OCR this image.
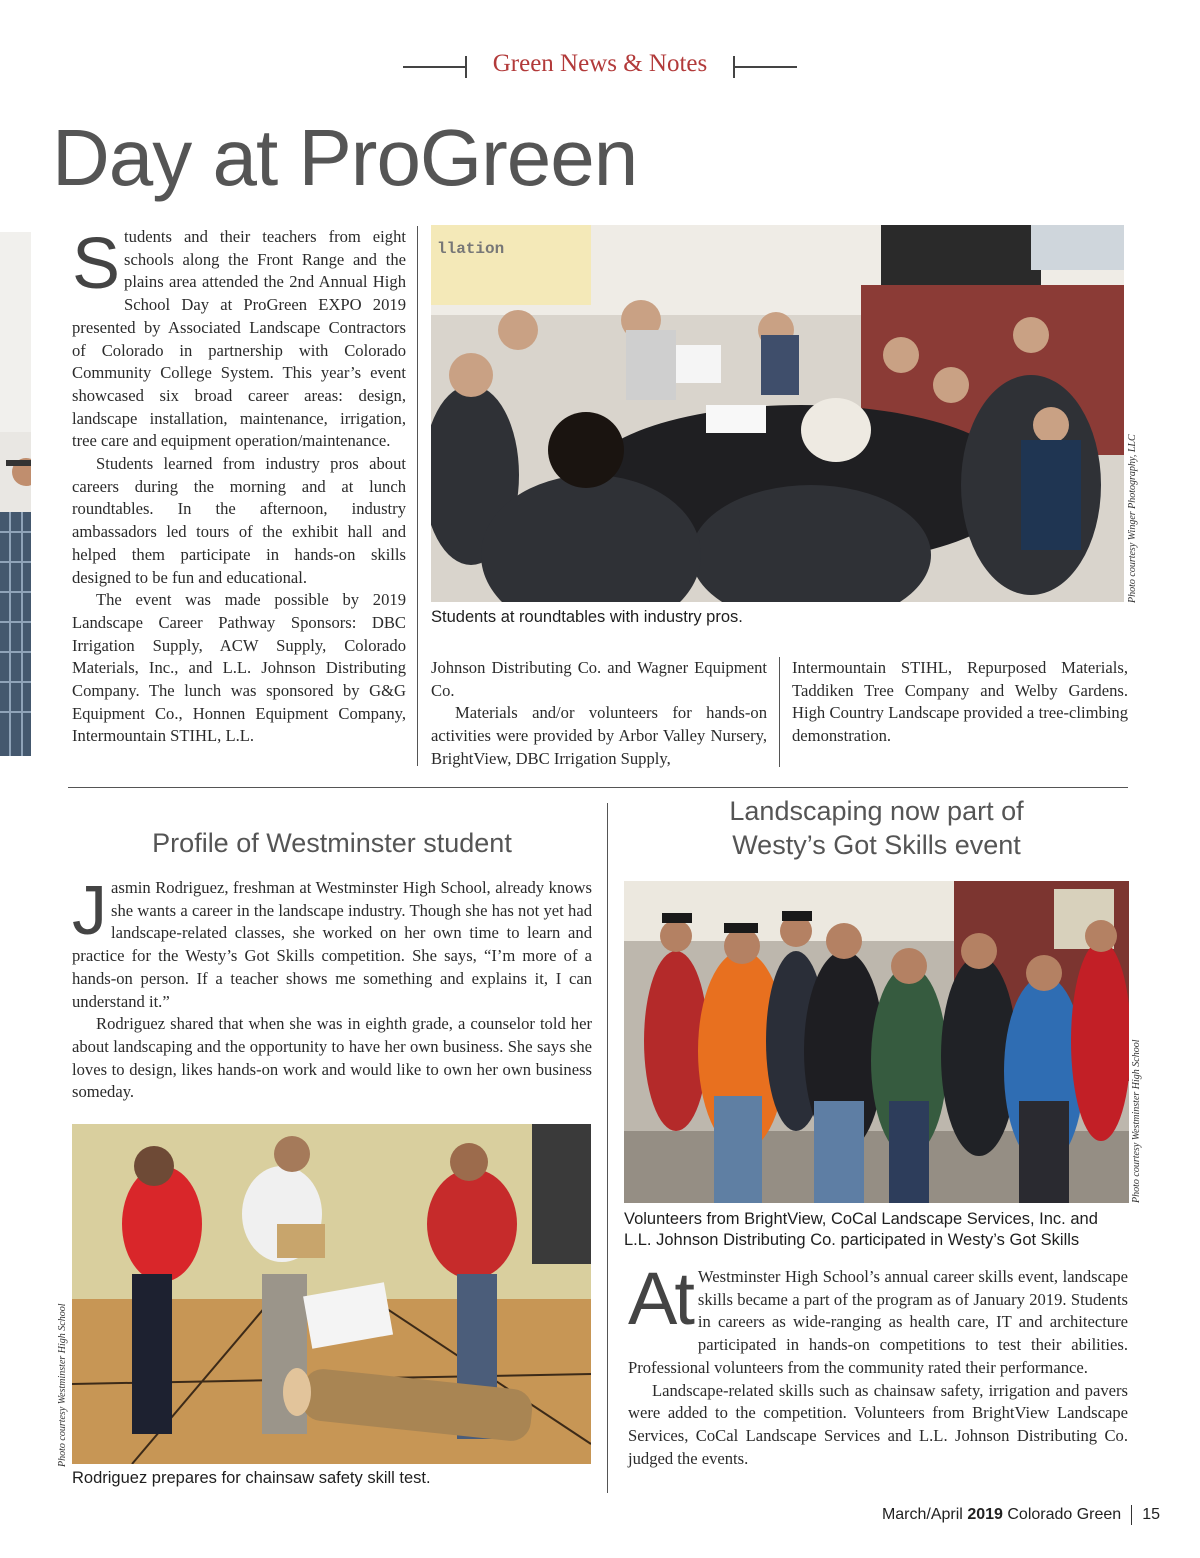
Green News & Notes
Day at ProGreen

Students and their teachers from eight schools along the Front Range and the plains area attended the 2nd Annual High School Day at ProGreen EXPO 2019 presented by Associated Landscape Contractors of Colorado in partnership with Colorado Community College System. This year’s event showcased six broad career areas: design, landscape installation, maintenance, irrigation, tree care and equipment operation/maintenance.

Students learned from industry pros about careers during the morning and at lunch roundtables. In the afternoon, industry ambassadors led tours of the exhibit hall and helped them participate in hands-on skills designed to be fun and educational.

The event was made possible by 2019 Landscape Career Pathway Sponsors: DBC Irrigation Supply, ACW Supply, Colorado Materials, Inc., and L.L. Johnson Distributing Company. The lunch was sponsored by G&G Equipment Co., Honnen Equipment Company, Intermountain STIHL, L.L.

llation
Photo courtesy Winger Photography, LLC
Students at roundtables with industry pros.

Johnson Distributing Co. and Wagner Equipment Co.

Materials and/or volunteers for hands-on activities were provided by Arbor Valley Nursery, BrightView, DBC Irrigation Supply,

Intermountain STIHL, Repurposed Materials, Taddiken Tree Company and Welby Gardens. High Country Landscape provided a tree-climbing demonstration.

Profile of Westminster student

Jasmin Rodriguez, freshman at Westminster High School, already knows she wants a career in the landscape industry. Though she has not yet had landscape-related classes, she worked on her own time to learn and practice for the Westy’s Got Skills competition. She says, “I’m more of a hands-on person. If a teacher shows me something and explains it, I can understand it.”

Rodriguez shared that when she was in eighth grade, a counselor told her about landscaping and the opportunity to have her own business. She says she loves to design, likes hands-on work and would like to own her own business someday.

Photo courtesy Westminster High School
Rodriguez prepares for chainsaw safety skill test.
Landscaping now part of
Westy’s Got Skills event
Photo courtesy Westminster High School
Volunteers from BrightView, CoCal Landscape Services, Inc. and
L.L. Johnson Distributing Co. participated in Westy’s Got Skills

At Westminster High School’s annual career skills event, landscape skills became a part of the program as of January 2019. Students in careers as wide-ranging as health care, IT and architecture participated in hands-on competitions to test their abilities. Professional volunteers from the community rated their performance.

Landscape-related skills such as chainsaw safety, irrigation and pavers were added to the competition. Volunteers from BrightView Landscape Services, CoCal Landscape Services and L.L. Johnson Distributing Co. judged the events.

March/April 2019 Colorado Green 15
